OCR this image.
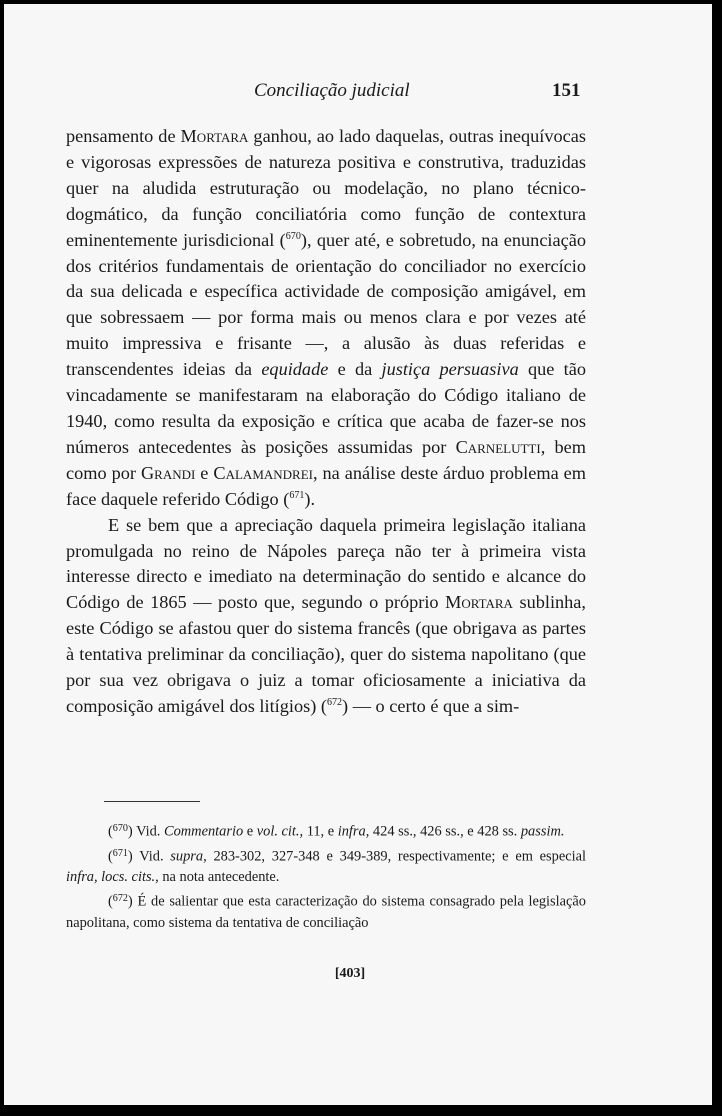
Conciliação judicial	151

pensamento de Mortara ganhou, ao lado daquelas, outras inequívocas e vigorosas expressões de natureza positiva e construtiva, traduzidas quer na aludida estruturação ou modelação, no plano técnico-dogmático, da função conciliatória como função de contextura eminentemente jurisdicional ($^{670}$), quer até, e sobretudo, na enunciação dos critérios fundamentais de orientação do conciliador no exercício da sua delicada e específica actividade de composição amigável, em que sobressaem — por forma mais ou menos clara e por vezes até muito impressiva e frisante —, a alusão às duas referidas e transcendentes ideias da equidade e da justiça persuasiva que tão vincadamente se manifestaram na elaboração do Código italiano de 1940, como resulta da exposição e crítica que acaba de fazer-se nos números antecedentes às posições assumidas por Carnelutti, bem como por Grandi e Calamandrei, na análise deste árduo problema em face daquele referido Código ($^{671}$).

E se bem que a apreciação daquela primeira legislação italiana promulgada no reino de Nápoles pareça não ter à primeira vista interesse directo e imediato na determinação do sentido e alcance do Código de 1865 — posto que, segundo o próprio Mortara sublinha, este Código se afastou quer do sistema francês (que obrigava as partes à tentativa preliminar da conciliação), quer do sistema napolitano (que por sua vez obrigava o juiz a tomar oficiosamente a iniciativa da composição amigável dos litígios) ($^{672}$) — o certo é que a sim-

($^{670}$) Vid. Commentario e vol. cit., 11, e infra, 424 ss., 426 ss., e 428 ss. passim.

($^{671}$) Vid. supra, 283-302, 327-348 e 349-389, respectivamente; e em especial infra, locs. cits., na nota antecedente.

($^{672}$) É de salientar que esta caracterização do sistema consagrado pela legislação napolitana, como sistema da tentativa de conciliação

[403]
